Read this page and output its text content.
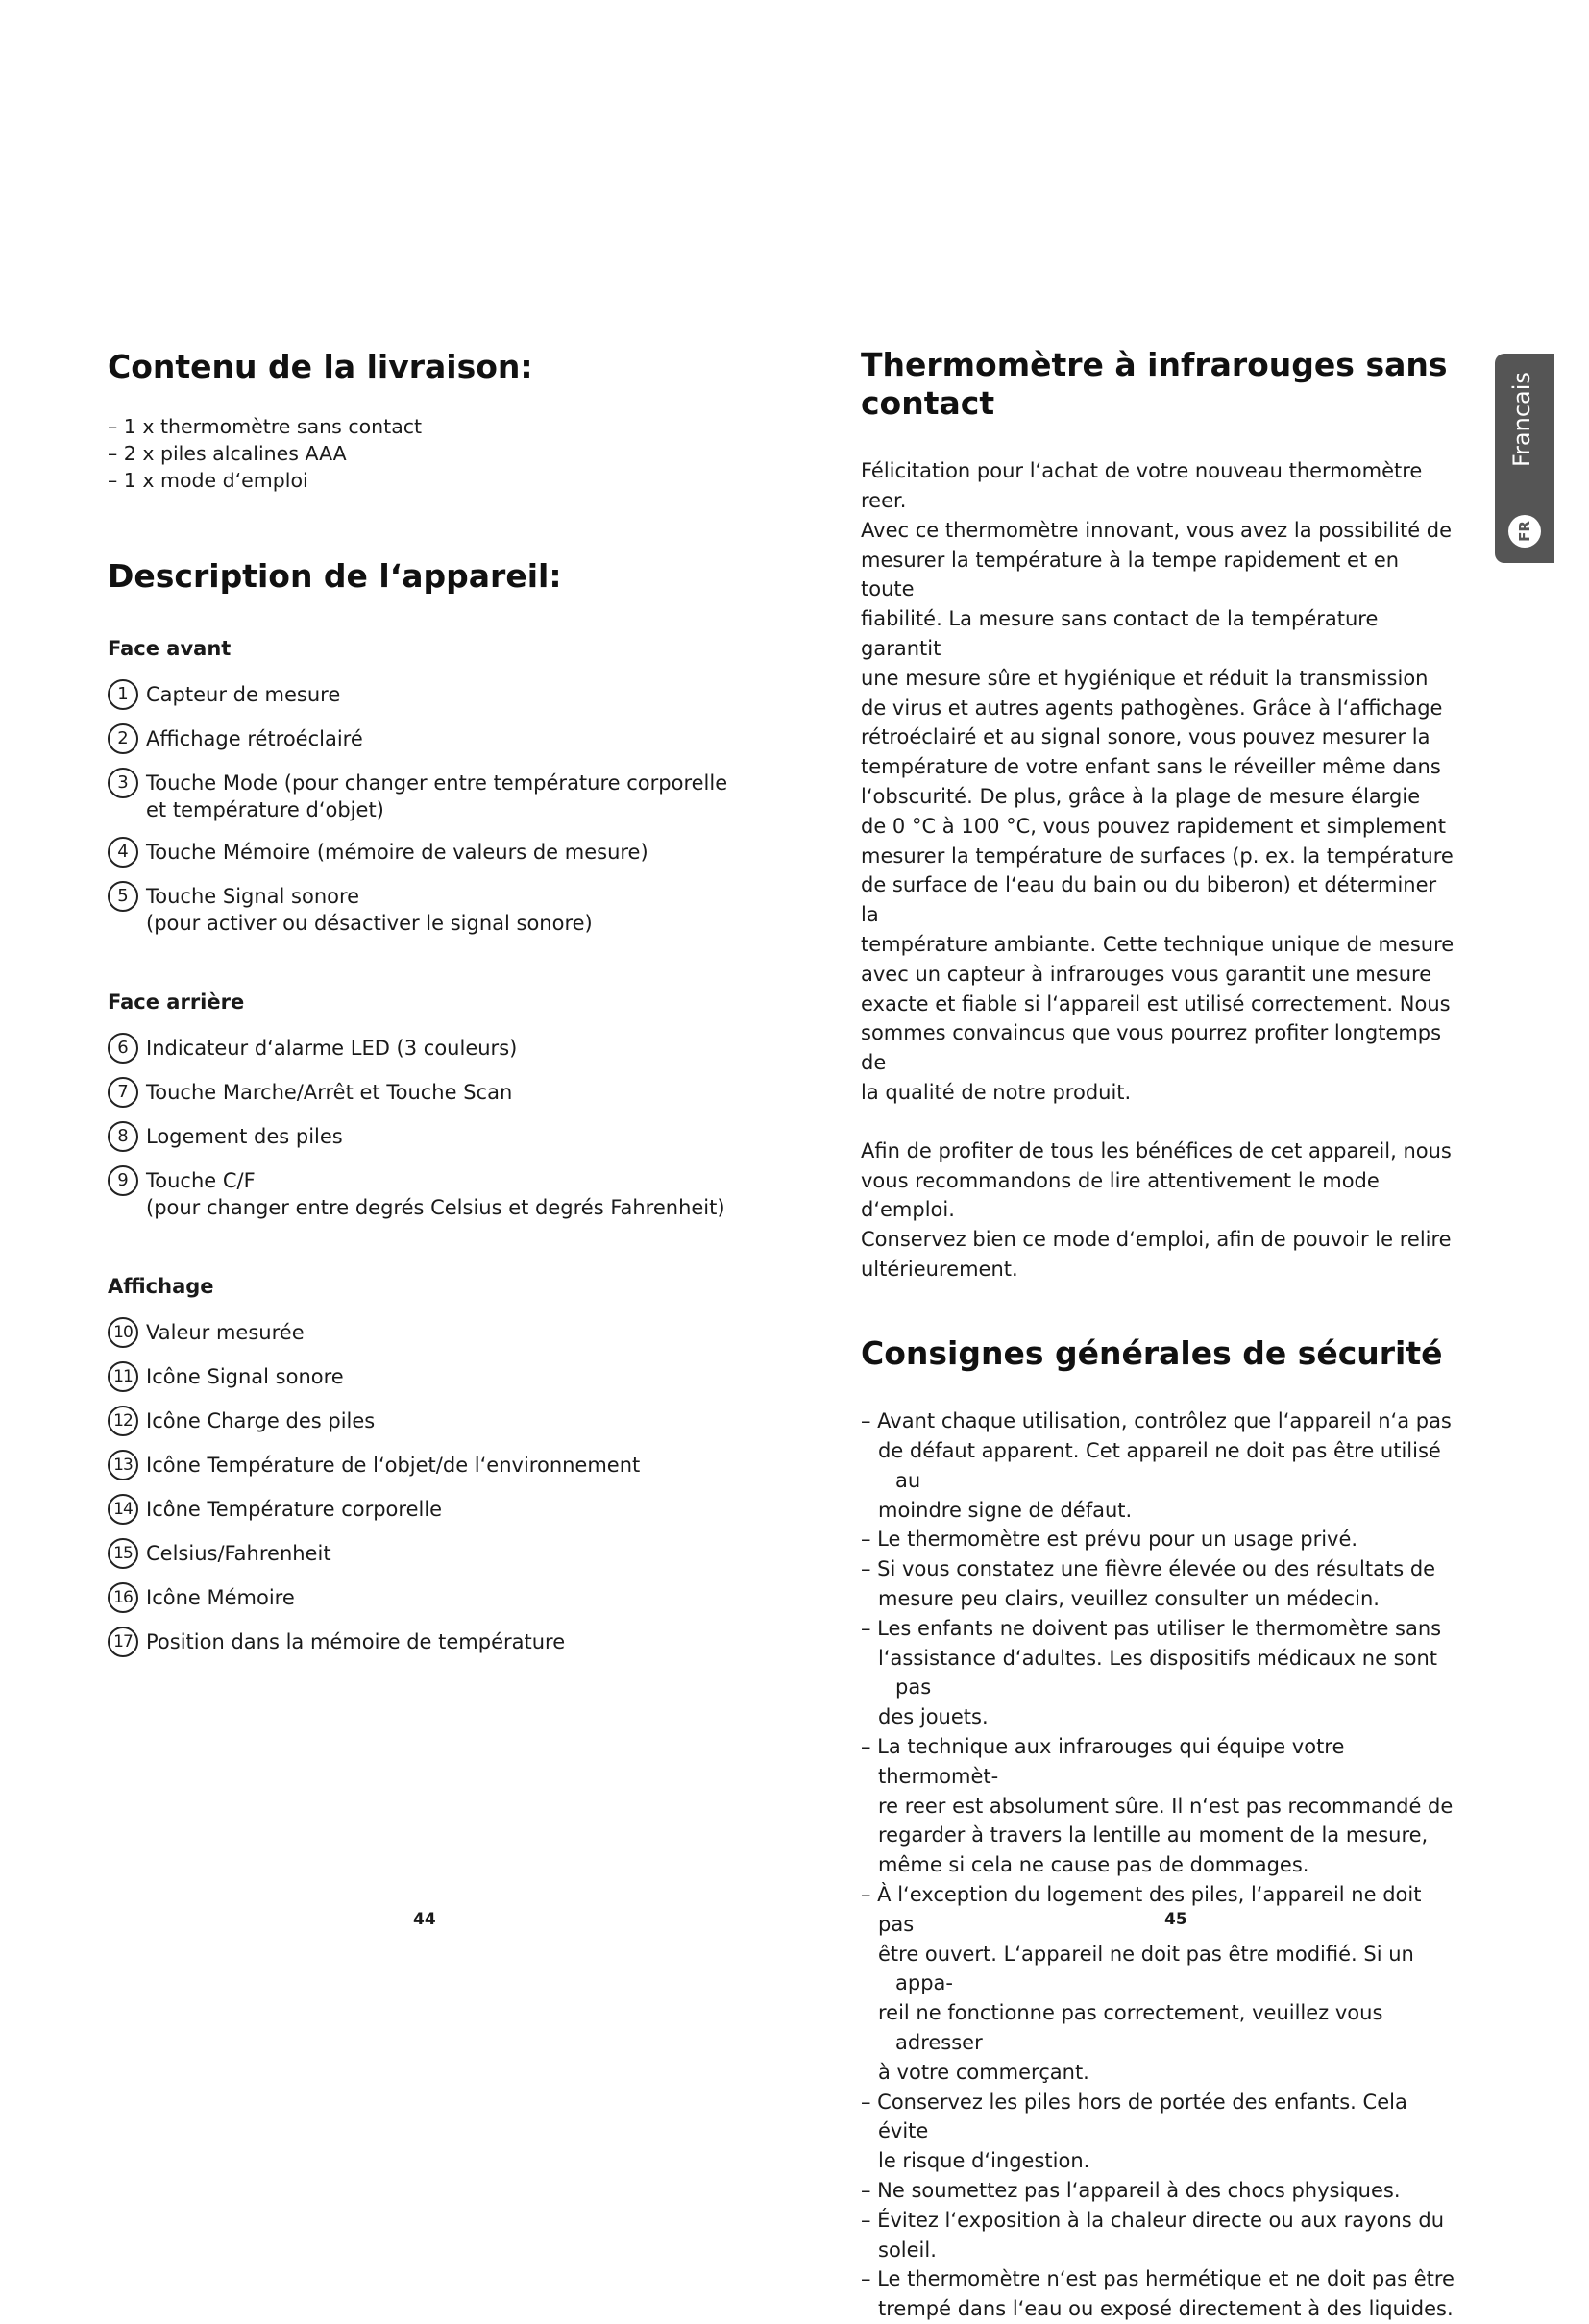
Contenu de la livraison:
– 1 x thermomètre sans contact
– 2 x piles alcalines AAA
– 1 x mode d‘emploi
Description de l‘appareil:
Face avant
1 Capteur de mesure
2 Affichage rétroéclairé
3 Touche Mode (pour changer entre température corporelle
et température d‘objet)
4 Touche Mémoire (mémoire de valeurs de mesure)
5 Touche Signal sonore
(pour activer ou désactiver le signal sonore)
Face arrière
6 Indicateur d‘alarme LED (3 couleurs)
7 Touche Marche/Arrêt et Touche Scan
8 Logement des piles
9 Touche C/F
(pour changer entre degrés Celsius et degrés Fahrenheit)
Affichage
10 Valeur mesurée
11 Icône Signal sonore
12 Icône Charge des piles
13 Icône Température de l‘objet/de l‘environnement
14 Icône Température corporelle
15 Celsius/Fahrenheit
16 Icône Mémoire
17 Position dans la mémoire de température
Thermomètre à infrarouges sans contact

Félicitation pour l‘achat de votre nouveau thermomètre reer.

Avec ce thermomètre innovant, vous avez la possibilité de

mesurer la température à la tempe rapidement et en toute

fiabilité. La mesure sans contact de la température garantit

une mesure sûre et hygiénique et réduit la transmission

de virus et autres agents pathogènes. Grâce à l‘affichage

rétroéclairé et au signal sonore, vous pouvez mesurer la

température de votre enfant sans le réveiller même dans

l‘obscurité. De plus, grâce à la plage de mesure élargie

de 0 °C à 100 °C, vous pouvez rapidement et simplement

mesurer la température de surfaces (p. ex. la température

de surface de l‘eau du bain ou du biberon) et déterminer la

température ambiante. Cette technique unique de mesure

avec un capteur à infrarouges vous garantit une mesure

exacte et fiable si l‘appareil est utilisé correctement. Nous

sommes convaincus que vous pourrez profiter longtemps de

la qualité de notre produit.

Afin de profiter de tous les bénéfices de cet appareil, nous

vous recommandons de lire attentivement le mode d‘emploi.

Conservez bien ce mode d‘emploi, afin de pouvoir le relire

ultérieurement.

Consignes générales de sécurité

– Avant chaque utilisation, contrôlez que l‘appareil n‘a pas

de défaut apparent. Cet appareil ne doit pas être utilisé au

moindre signe de défaut.

– Le thermomètre est prévu pour un usage privé.

– Si vous constatez une fièvre élevée ou des résultats de

mesure peu clairs, veuillez consulter un médecin.

– Les enfants ne doivent pas utiliser le thermomètre sans

l‘assistance d‘adultes. Les dispositifs médicaux ne sont pas

des jouets.

– La technique aux infrarouges qui équipe votre thermomèt-

re reer est absolument sûre. Il n‘est pas recommandé de

regarder à travers la lentille au moment de la mesure,

même si cela ne cause pas de dommages.

– À l‘exception du logement des piles, l‘appareil ne doit pas

être ouvert. L‘appareil ne doit pas être modifié. Si un appa-

reil ne fonctionne pas correctement, veuillez vous adresser

à votre commerçant.

– Conservez les piles hors de portée des enfants. Cela évite

le risque d‘ingestion.

– Ne soumettez pas l‘appareil à des chocs physiques.

– Évitez l‘exposition à la chaleur directe ou aux rayons du soleil.

– Le thermomètre n‘est pas hermétique et ne doit pas être

trempé dans l‘eau ou exposé directement à des liquides.

44	45
Francais
FR
